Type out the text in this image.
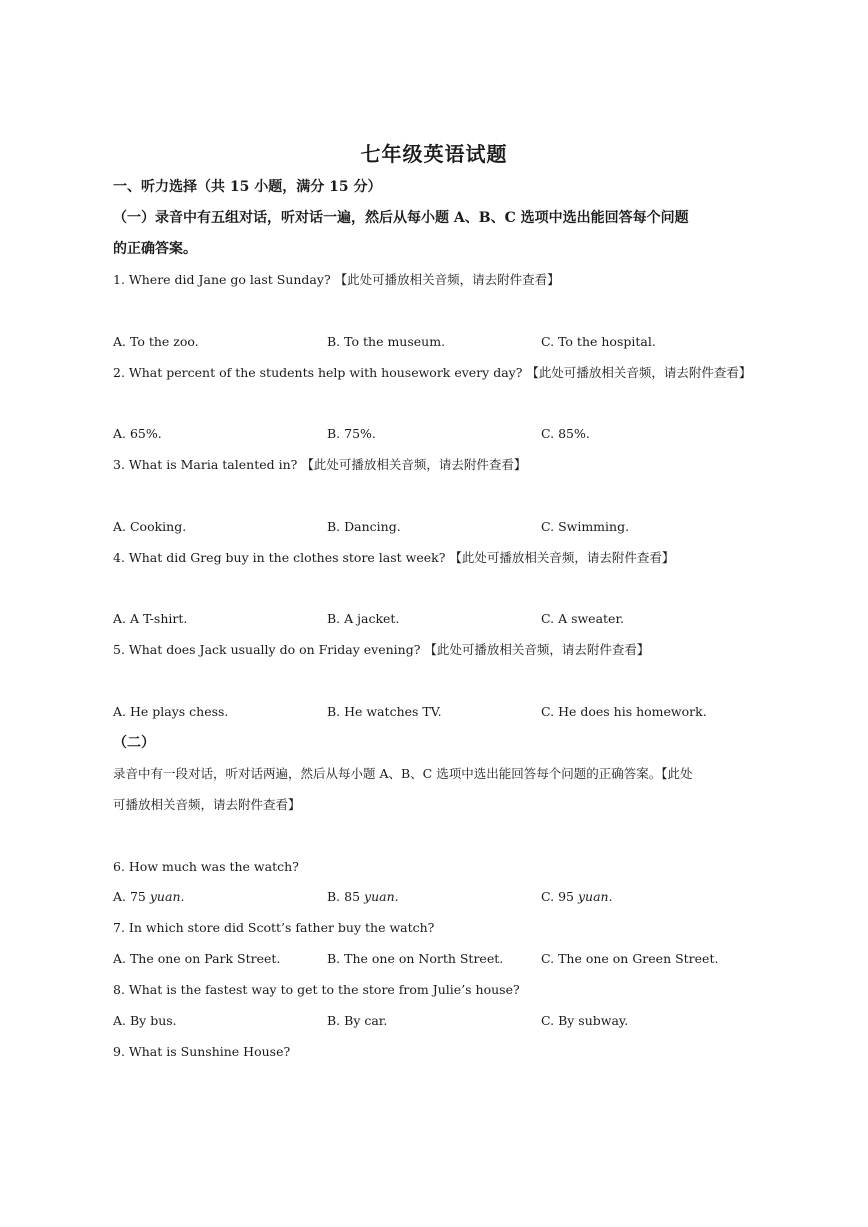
七年级英语试题
一、听力选择（共 15 小题，满分 15 分）
（一）录音中有五组对话，听对话一遍，然后从每小题 A、B、C 选项中选出能回答每个问题
的正确答案。
1. Where did Jane go last Sunday? 【此处可播放相关音频，请去附件查看】
A. To the zoo.	B. To the museum.	C. To the hospital.
2. What percent of the students help with housework every day? 【此处可播放相关音频，请去附件查看】
A. 65%.	B. 75%.	C. 85%.
3. What is Maria talented in? 【此处可播放相关音频，请去附件查看】
A. Cooking.	B. Dancing.	C. Swimming.
4. What did Greg buy in the clothes store last week? 【此处可播放相关音频，请去附件查看】
A. A T-shirt.	B. A jacket.	C. A sweater.
5. What does Jack usually do on Friday evening? 【此处可播放相关音频，请去附件查看】
A. He plays chess.	B. He watches TV.	C. He does his homework.
（二）
录音中有一段对话，听对话两遍，然后从每小题 A、B、C 选项中选出能回答每个问题的正确答案。【此处
可播放相关音频，请去附件查看】
6. How much was the watch?
A. 75 yuan.	B. 85 yuan.	C. 95 yuan.
7. In which store did Scott’s father buy the watch?
A. The one on Park Street.	B. The one on North Street.	C. The one on Green Street.
8. What is the fastest way to get to the store from Julie’s house?
A. By bus.	B. By car.	C. By subway.
9. What is Sunshine House?
